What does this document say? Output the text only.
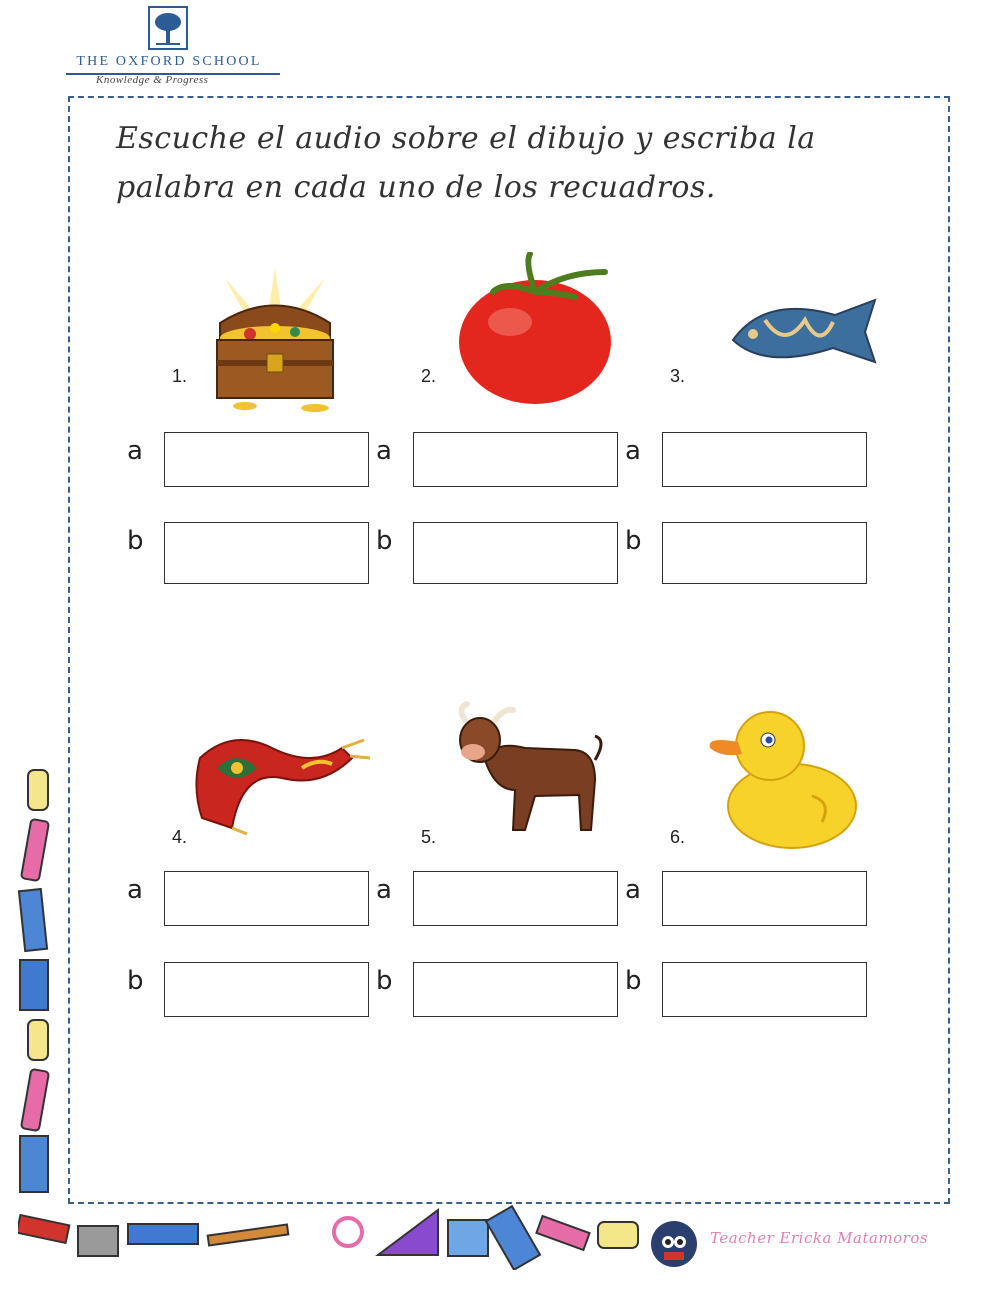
THE OXFORD SCHOOL
Knowledge & Progress
Escuche el audio sobre el dibujo y escriba la palabra en cada uno de los recuadros.
1.
a
b
2.
a
b
3.
a
b
4.
a
b
5.
a
b
6.
a
b
Teacher Ericka Matamoros
